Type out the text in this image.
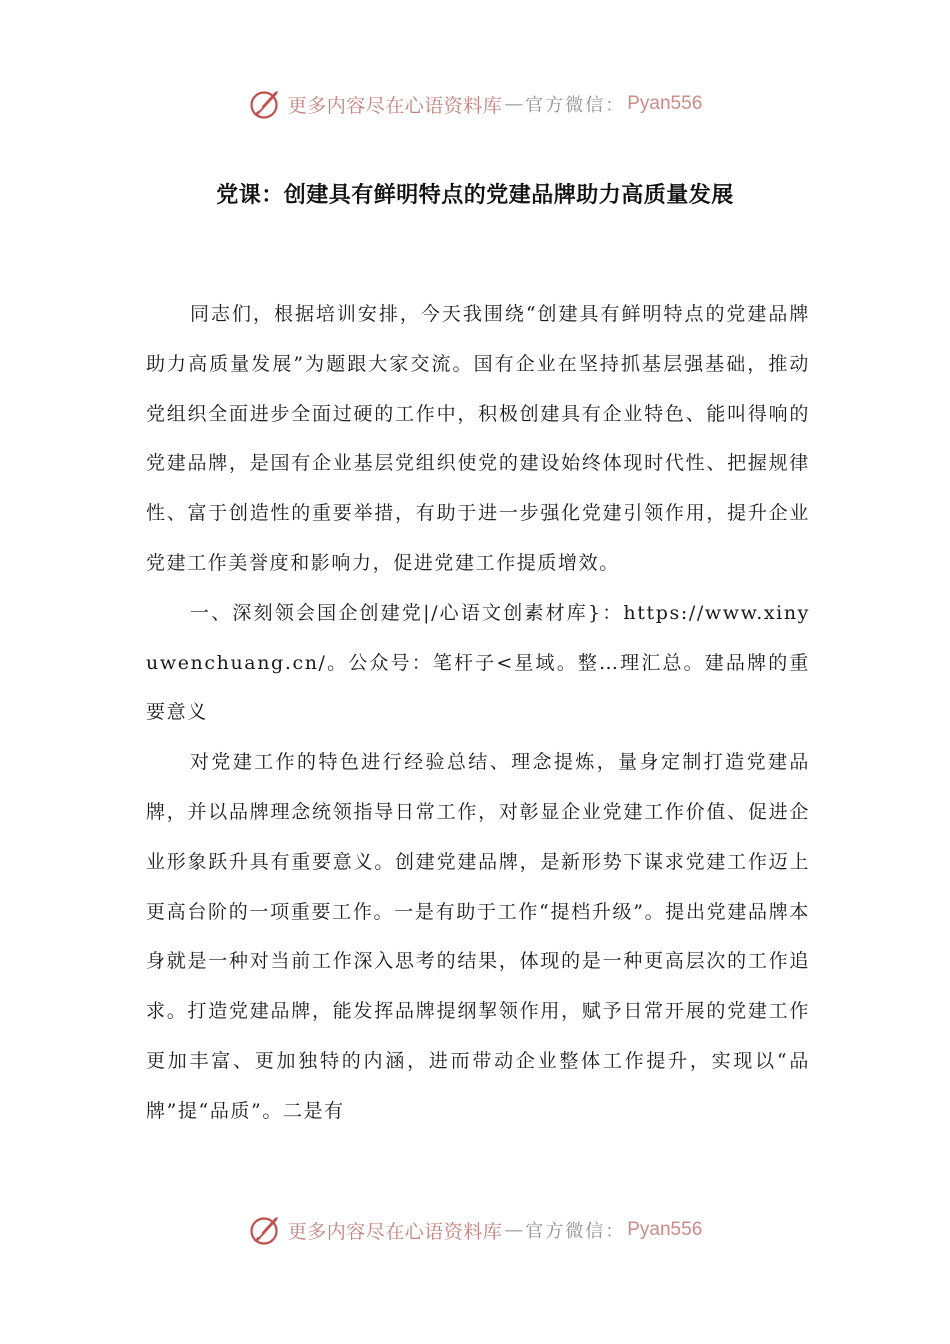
更多内容尽在心语资料库 — 官方微信： Pyan556
党课：创建具有鲜明特点的党建品牌助力高质量发展

同志们，根据培训安排，今天我围绕“创建具有鲜明特点的党建品牌助力高质量发展”为题跟大家交流。国有企业在坚持抓基层强基础，推动党组织全面进步全面过硬的工作中，积极创建具有企业特色、能叫得响的党建品牌，是国有企业基层党组织使党的建设始终体现时代性、把握规律性、富于创造性的重要举措，有助于进一步强化党建引领作用，提升企业党建工作美誉度和影响力，促进党建工作提质增效。

一、深刻领会国企创建党|/心语文创素材库}：https://www.xinyuwenchuang.cn/。公众号：笔杆子<星域。整…理汇总。建品牌的重要意义

对党建工作的特色进行经验总结、理念提炼，量身定制打造党建品牌，并以品牌理念统领指导日常工作，对彰显企业党建工作价值、促进企业形象跃升具有重要意义。创建党建品牌，是新形势下谋求党建工作迈上更高台阶的一项重要工作。一是有助于工作“提档升级”。提出党建品牌本身就是一种对当前工作深入思考的结果，体现的是一种更高层次的工作追求。打造党建品牌，能发挥品牌提纲挈领作用，赋予日常开展的党建工作更加丰富、更加独特的内涵，进而带动企业整体工作提升，实现以“品牌”提“品质”。二是有

更多内容尽在心语资料库 — 官方微信： Pyan556
